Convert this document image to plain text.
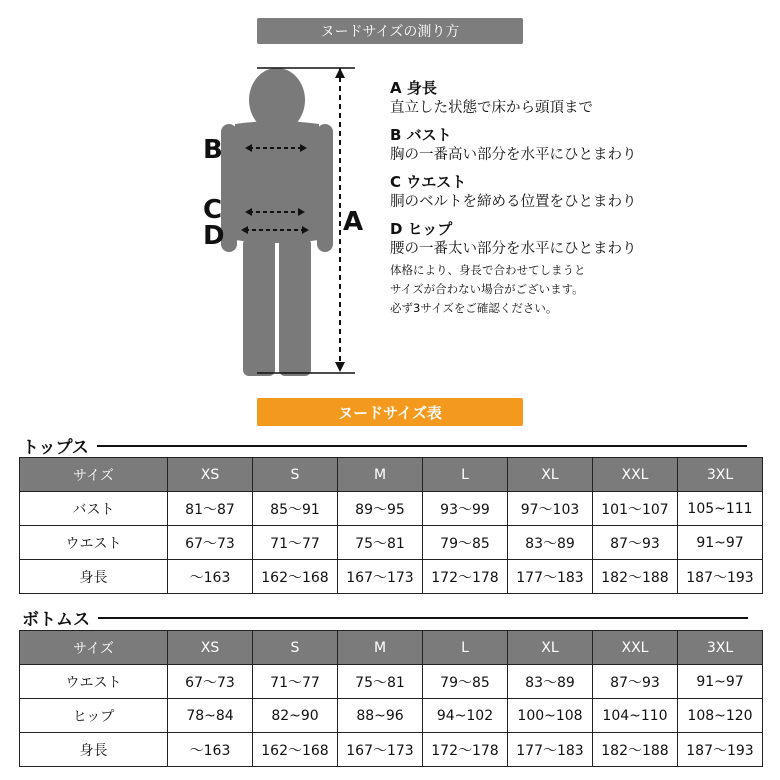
ヌードサイズの測り方
A
B
C
D
A 身長
直立した状態で床から頭頂まで
B バスト
胸の一番高い部分を水平にひとまわり
C ウエスト
胴のベルトを締める位置をひとまわり
D ヒップ
腰の一番太い部分を水平にひとまわり
体格により、身長で合わせてしまうと
サイズが合わない場合がございます。
必ず3サイズをご確認ください。
ヌードサイズ表
トップス
サイズ	XS	S	M	L	XL	XXL	3XL
バスト	81～87	85～91	89～95	93～99	97～103	101～107	105~111
ウエスト	67～73	71～77	75～81	79～85	83～89	87～93	91~97
身長	～163	162～168	167～173	172～178	177～183	182～188	187～193
ボトムス
サイズ	XS	S	M	L	XL	XXL	3XL
ウエスト	67～73	71～77	75～81	79～85	83～89	87～93	91~97
ヒップ	78~84	82~90	88~96	94~102	100~108	104~110	108~120
身長	～163	162～168	167～173	172～178	177～183	182～188	187～193
